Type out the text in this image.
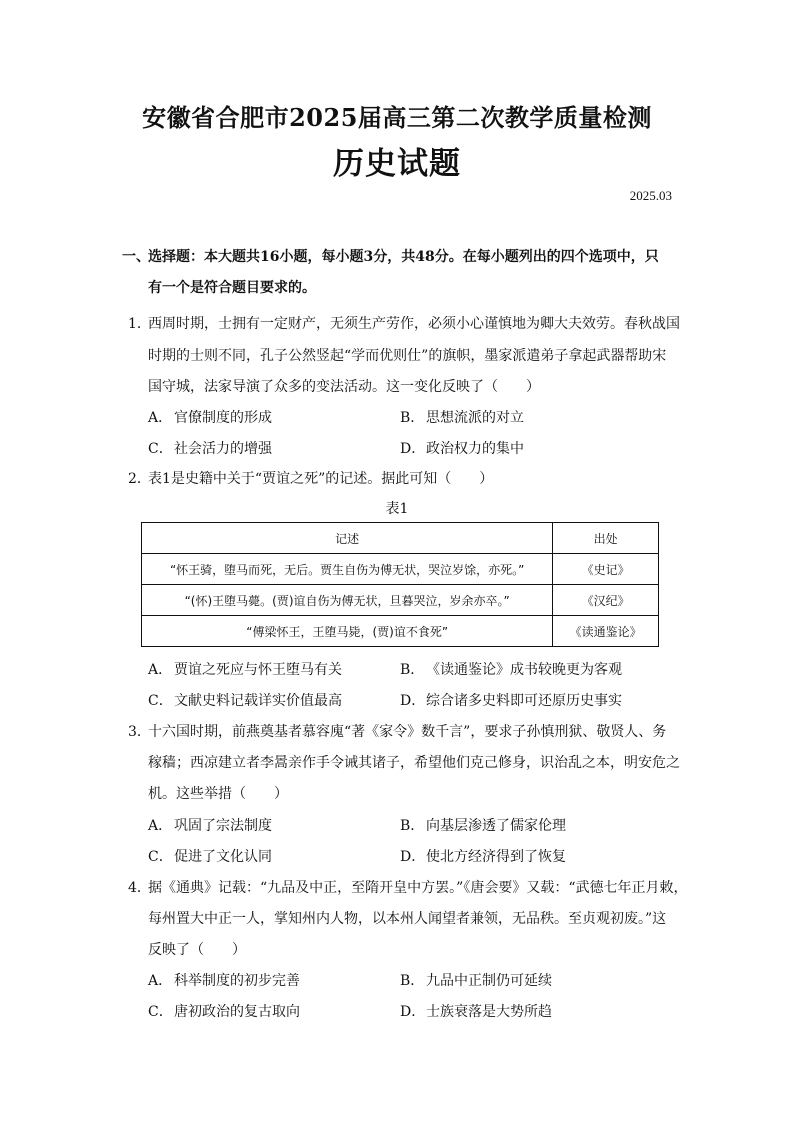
安徽省合肥市2025届高三第二次教学质量检测
历史试题
2025.03
一、
选择题：本大题共16小题，每小题3分，共48分。在每小题列出的四个选项中，只
有一个是符合题目要求的。
1．
西周时期，士拥有一定财产，无须生产劳作，必须小心谨慎地为卿大夫效劳。春秋战国
时期的士则不同，孔子公然竖起“学而优则仕”的旗帜，墨家派遣弟子拿起武器帮助宋
国守城，法家导演了众多的变法活动。这一变化反映了（　　）
A． 官僚制度的形成	B． 思想流派的对立
C．社会活力的增强	D．政治权力的集中
2．
表1是史籍中关于“贾谊之死”的记述。据此可知（　　）
表1
记述	出处
“怀王骑，堕马而死，无后。贾生自伤为傅无状，哭泣岁馀，亦死。”	《史记》
“(怀)王堕马薨。(贾)谊自伤为傅无状，旦暮哭泣，岁余亦卒。”	《汉纪》
“傅梁怀王，王堕马毙，(贾)谊不食死”	《读通鉴论》
A． 贾谊之死应与怀王堕马有关	B． 《读通鉴论》成书较晚更为客观
C．文献史料记载详实价值最高	D．综合诸多史料即可还原历史事实
3．
十六国时期，前燕奠基者慕容廆“著《家令》数千言”，要求子孙慎刑狱、敬贤人、务
稼穑；西凉建立者李暠亲作手令诫其诸子，希望他们克己修身，识治乱之本，明安危之
机。这些举措（　　）
A． 巩固了宗法制度	B． 向基层渗透了儒家伦理
C．促进了文化认同	D．使北方经济得到了恢复
4．
据《通典》记载：“九品及中正，至隋开皇中方罢。”《唐会要》又载：“武德七年正月敕，
每州置大中正一人，掌知州内人物，以本州人闻望者兼领，无品秩。至贞观初废。”这
反映了（　　）
A． 科举制度的初步完善	B． 九品中正制仍可延续
C．唐初政治的复古取向	D．士族衰落是大势所趋
